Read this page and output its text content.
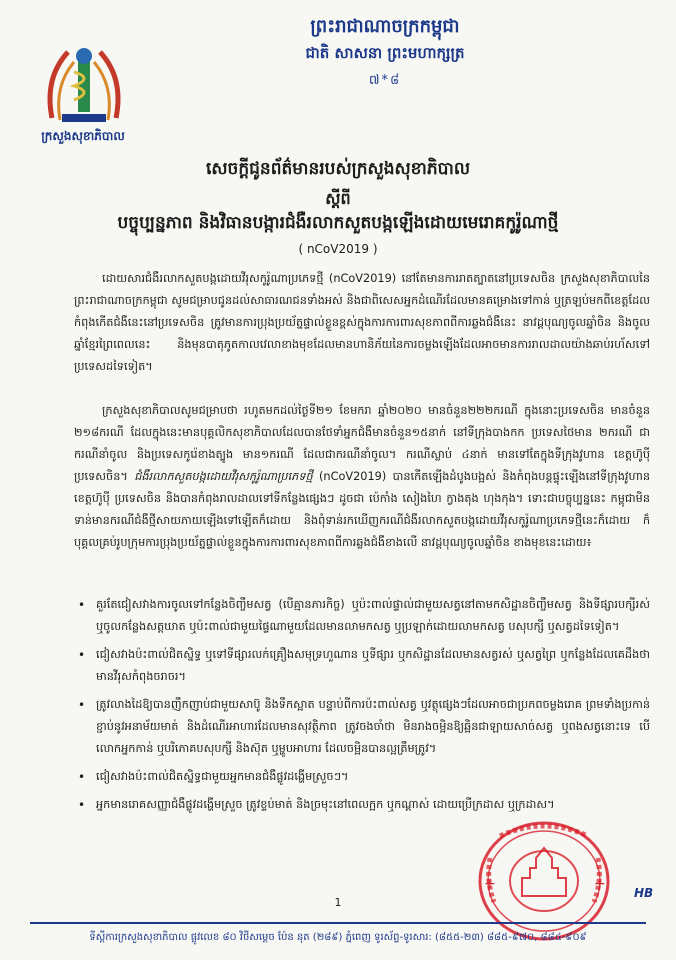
ក្រសួងសុខាភិបាល
ព្រះរាជាណាចក្រកម្ពុជា
ជាតិ សាសនា ព្រះមហាក្សត្រ
៧*៨
សេចក្តីជូនព័ត៌មានរបស់ក្រសួងសុខាភិបាល
ស្តីពី
បច្ចុប្បន្នភាព និងវិធានបង្ការជំងឺរលាកសួតបង្កឡើងដោយមេរោគកូរ៉ូណាថ្មី
( nCoV2019 )

ដោយសារជំងឺរលាកសួតបង្កដោយវីរុសកូរ៉ូណាប្រភេទថ្មី (nCoV2019) នៅតែមានការរាតត្បាតនៅប្រទេសចិន ក្រសួងសុខាភិបាលនៃព្រះរាជាណាចក្រកម្ពុជា សូមជម្រាបជូនដល់សាធារណជនទាំងអស់ និងជាពិសេសអ្នកដំណើរដែលមានគម្រោងទៅកាន់ ឬត្រឡប់មកពីខេត្តដែលកំពុងកើតជំងឺនេះនៅប្រទេសចិន ត្រូវមានការប្រុងប្រយ័ត្នផ្ទាល់ខ្លួនខ្ពស់ក្នុងការការពារសុខភាពពីការឆ្លងជំងឺនេះ នាវដ្តបុណ្យចូលឆ្នាំចិន និងចូលឆ្នាំខ្មែរព្រៃពេលនេះ និងមុនបាតុភូតកាលវេលាខាងមុខដែលមានហានិភ័យនៃការចម្លងឡើងដែលអាចមានការរាលដាលយ៉ាងឆាប់រហ័សទៅប្រទេសដទៃទៀត។

ក្រសួងសុខាភិបាលសូមជម្រាបថា រហូតមកដល់ថ្ងៃទី២១ ខែមករា ឆ្នាំ២០២០ មានចំនួន២២២ករណី ក្នុងនោះប្រទេសចិន មានចំនួន ២១៨ករណី ដែលក្នុងនេះមានបុគ្គលិកសុខាភិបាលដែលបានថែទាំអ្នកជំងឺមានចំនួន១៥នាក់ នៅទីក្រុងបាងកក ប្រទេសថៃមាន ២ករណី ជាករណីនាំចូល និងប្រទេសកូរ៉េខាងត្បូង មាន១ករណី ដែលជាករណីនាំចូល។ ករណីស្លាប់ ៤នាក់ មានទៅតែក្នុងទីក្រុងវូហាន ខេត្តហ៊ូប៉ី ប្រទេសចិន។ ជំងឺរលាកសួតបង្កដោយវីរុសកូរ៉ូណាប្រភេទថ្មី (nCoV2019) បានកើតឡើងដំបូងបង្អស់ និងកំពុងបន្តផ្ទុះឡើងនៅទីក្រុងវូហាន ខេត្តហ៊ូប៉ី ប្រទេសចិន និងបានកំពុងរាលដាលទៅទីកន្លែងផ្សេងៗ ដូចជា ប៉េកាំង សៀងហៃ ក្វាងតុង ហុងកុង។ ទោះជាបច្ចុប្បន្ននេះ កម្ពុជាមិនទាន់មានករណីជំងឺថ្មីសាយភាយឡើងទៅឡើតក៏ដោយ និងពុំទាន់រកឃើញករណីជំងឺរលាកសួតបង្កដោយវីរុសកូរ៉ូណាប្រភេទថ្មីនេះក៏ដោយ ក៏បុគ្គលគ្រប់រូបក្រុមការប្រុងប្រយ័ត្នផ្ទាល់ខ្លួនក្នុងការការពារសុខភាពពីការឆ្លងជំងឺខាងលើ នាវដ្តបុណ្យចូលឆ្នាំចិន ខាងមុខនេះដោយ៖

• គួរតែជៀសវាងការចូលទៅកន្លែងចិញ្ចឹមសត្វ (បើគ្មានភារកិច្ច) ឬប៉ះពាល់ផ្ទាល់ជាមួយសត្វនៅតាមកសិដ្ឋានចិញ្ចឹមសត្វ និងទីផ្សារបក្សីរស់ ឬចូលកន្លែងសត្តឃាត ឬប៉ះពាល់ជាមួយផ្ទៃណាមួយដែលមានលាមកសត្វ ឬប្រឡាក់ដោយលាមកសត្វ បសុបក្សី ឬសត្វដទៃទៀត។
• ជៀសវាងប៉ះពាល់ជិតស្និទ្ធ ឬទៅទីផ្សារលក់គ្រឿងសមុទ្រហួណាន ឬទីផ្សារ ឬកសិដ្ឋានដែលមានសត្វរស់ ឬសត្វព្រៃ ឬកន្លែងដែលគេដឹងថាមានវីរុសកំពុងចរាចរ។
• ត្រូវលាងដៃឱ្យបានញឹកញាប់ជាមួយសាប៊ូ និងទឹកស្អាត បន្ទាប់ពីការប៉ះពាល់សត្វ ឬវត្ថុផ្សេងៗដែលអាចជាប្រភពចម្លងរោគ ព្រមទាំងប្រកាន់ខ្ជាប់នូវអនាម័យមាត់ និងដំណើរអាហារដែលមានសុវត្ថិភាព ត្រូវចងចាំថា មិនរាងចម្អិនឱ្យឆ្អិនជាឡាយសាច់សត្វ ឬពងសត្វនោះទេ បើលោកអ្នកកាន់ ឬបរិភោគបសុបក្សី និងស៊ុត ឬម្ហូបអាហារ ដែលចម្អិនបានល្អត្រឹមត្រូវ។
• ជៀសវាងប៉ះពាល់ជិតស្និទ្ធជាមួយអ្នកមានជំងឺផ្លូវដង្ហើមស្រួចៗ។
• អ្នកមានរោគសញ្ញាជំងឺផ្លូវដង្ហើមស្រួច ត្រូវខ្ទប់មាត់ និងច្រមុះនៅពេលក្អក ឬកណ្តាស់ ដោយប្រើក្រដាស ឬក្រដាស។
+	+
HB
1
ទីស្តីការក្រសួងសុខាភិបាល ផ្លូវលេខ ៨០ វិថីសម្តេច ប៉ែន នុត (២៨៩) ភ្នំពេញ ទូរស័ព្ទ-ទូរសារ: (៨៥៥-២៣) ៨៨៥-៩៧០, ៨៨៤-៩០៩
